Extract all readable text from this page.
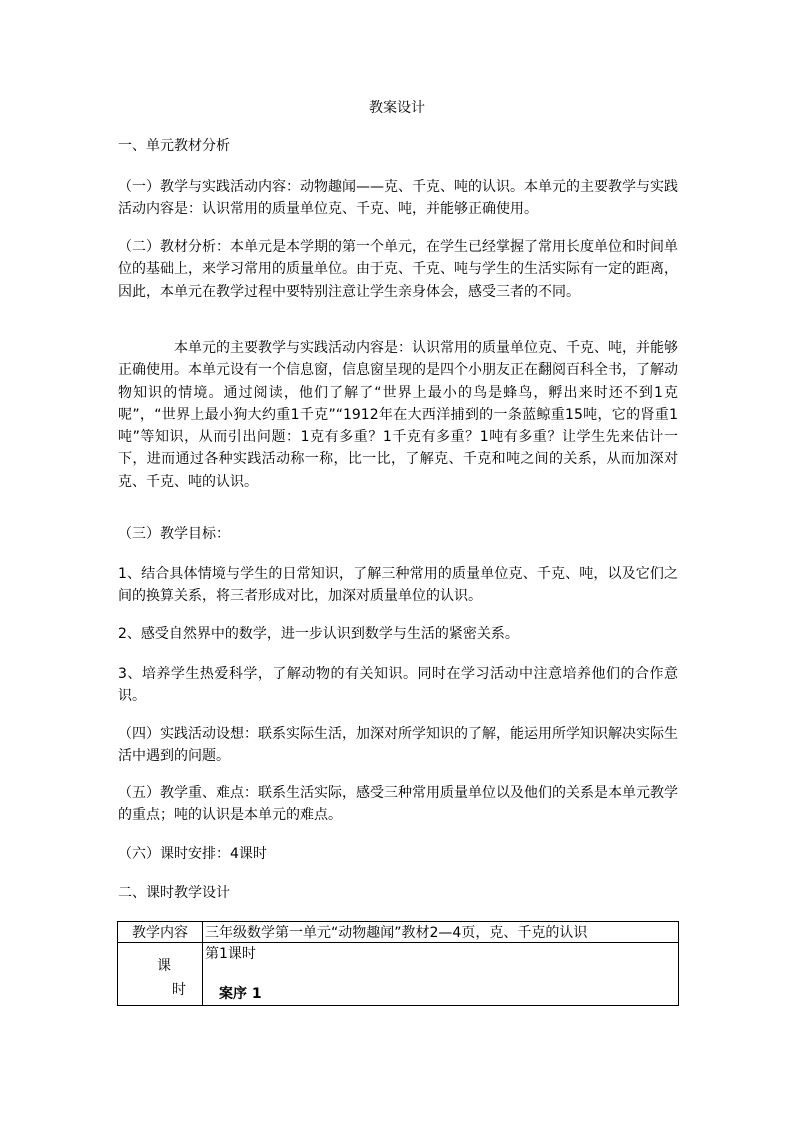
教案设计

一、单元教材分析

（一）教学与实践活动内容：动物趣闻——克、千克、吨的认识。本单元的主要教学与实践活动内容是：认识常用的质量单位克、千克、吨，并能够正确使用。

（二）教材分析：本单元是本学期的第一个单元，在学生已经掌握了常用长度单位和时间单位的基础上，来学习常用的质量单位。由于克、千克、吨与学生的生活实际有一定的距离，因此，本单元在教学过程中要特别注意让学生亲身体会，感受三者的不同。

本单元的主要教学与实践活动内容是：认识常用的质量单位克、千克、吨，并能够正确使用。本单元设有一个信息窗，信息窗呈现的是四个小朋友正在翻阅百科全书，了解动物知识的情境。通过阅读，他们了解了“世界上最小的鸟是蜂鸟，孵出来时还不到1克呢”，“世界上最小狗大约重1千克”“1912年在大西洋捕到的一条蓝鲸重15吨，它的肾重1吨”等知识，从而引出问题：1克有多重？1千克有多重？1吨有多重？让学生先来估计一下，进而通过各种实践活动称一称，比一比，了解克、千克和吨之间的关系，从而加深对克、千克、吨的认识。

（三）教学目标：

1、结合具体情境与学生的日常知识，了解三种常用的质量单位克、千克、吨，以及它们之间的换算关系，将三者形成对比，加深对质量单位的认识。

2、感受自然界中的数学，进一步认识到数学与生活的紧密关系。

3、培养学生热爱科学，了解动物的有关知识。同时在学习活动中注意培养他们的合作意识。

（四）实践活动设想：联系实际生活，加深对所学知识的了解，能运用所学知识解决实际生活中遇到的问题。

（五）教学重、难点：联系生活实际，感受三种常用质量单位以及他们的关系是本单元教学的重点；吨的认识是本单元的难点。

（六）课时安排：4课时

二、课时教学设计

教学内容	三年级数学第一单元“动物趣闻”教材2—4页，克、千克的认识

课
时	第1课时
案序 1
